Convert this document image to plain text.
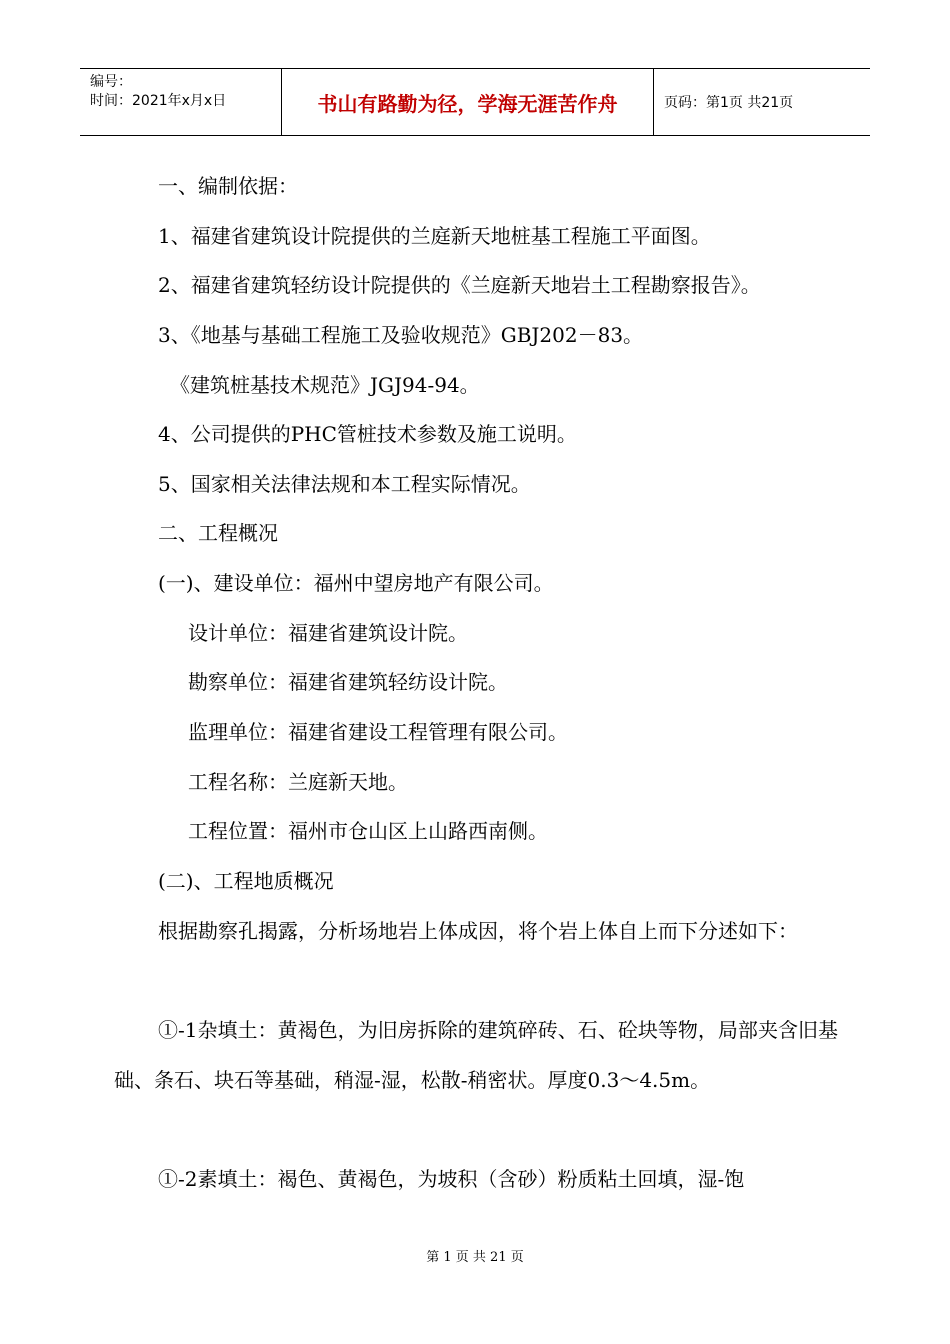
编号：
时间：2021年x月x日	书山有路勤为径，学海无涯苦作舟	页码：第1页 共21页
一、编制依据：
1、福建省建筑设计院提供的兰庭新天地桩基工程施工平面图。
2、福建省建筑轻纺设计院提供的《兰庭新天地岩土工程勘察报告》。
3、《地基与基础工程施工及验收规范》GBJ202－83。
《建筑桩基技术规范》JGJ94-94。
4、公司提供的PHC管桩技术参数及施工说明。
5、国家相关法律法规和本工程实际情况。
二、工程概况
(一)、建设单位：福州中望房地产有限公司。
设计单位：福建省建筑设计院。
勘察单位：福建省建筑轻纺设计院。
监理单位：福建省建设工程管理有限公司。
工程名称：兰庭新天地。
工程位置：福州市仓山区上山路西南侧。
(二)、工程地质概况
根据勘察孔揭露，分析场地岩上体成因，将个岩上体自上而下分述如下：
①-1杂填土：黄褐色，为旧房拆除的建筑碎砖、石、砼块等物，局部夹含旧基础、条石、块石等基础，稍湿-湿，松散-稍密状。厚度0.3～4.5m。
①-2素填土：褐色、黄褐色，为坡积（含砂）粉质粘土回填，湿-饱
第 1 页 共 21 页
